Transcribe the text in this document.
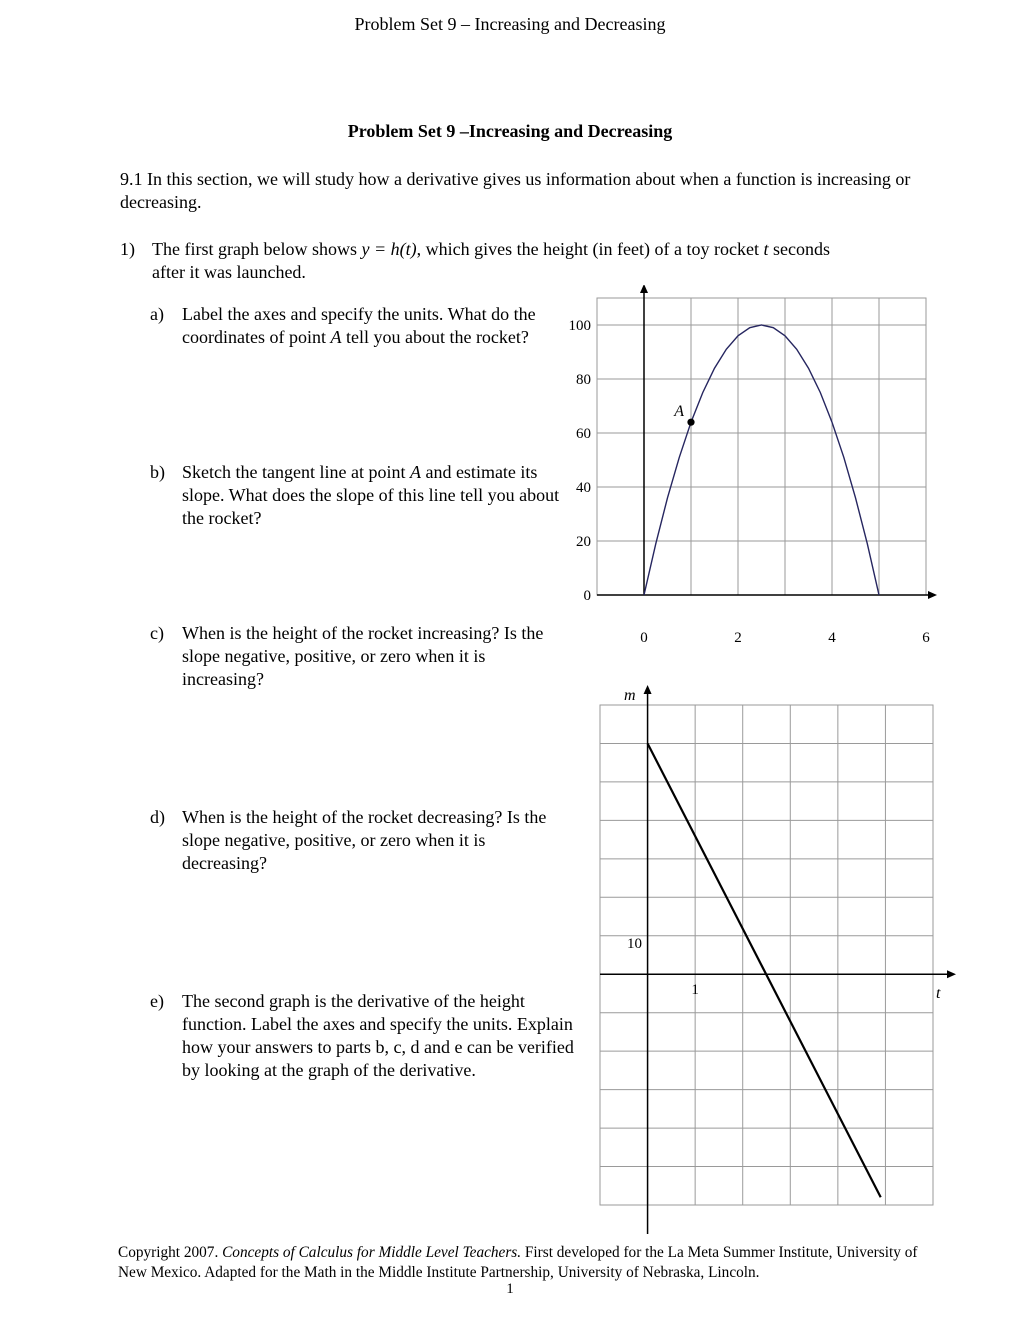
Problem Set 9 – Increasing and Decreasing
Problem Set 9 –Increasing and Decreasing
9.1 In this section, we will study how a derivative gives us information about when a function is increasing or decreasing.
1) The first graph below shows y = h(t), which gives the height (in feet) of a toy rocket t seconds after it was launched.
a) Label the axes and specify the units. What do the coordinates of point A tell you about the rocket?
b) Sketch the tangent line at point A and estimate its slope. What does the slope of this line tell you about the rocket?
c) When is the height of the rocket increasing? Is the slope negative, positive, or zero when it is increasing?
d) When is the height of the rocket decreasing? Is the slope negative, positive, or zero when it is decreasing?
e) The second graph is the derivative of the height function. Label the axes and specify the units. Explain how your answers to parts b, c, d and e can be verified by looking at the graph of the derivative.
0	2	4	6
100
80
60
40
20
0
A
1
10
m
t
Copyright 2007. Concepts of Calculus for Middle Level Teachers. First developed for the La Meta Summer Institute, University of New Mexico. Adapted for the Math in the Middle Institute Partnership, University of Nebraska, Lincoln.
1
